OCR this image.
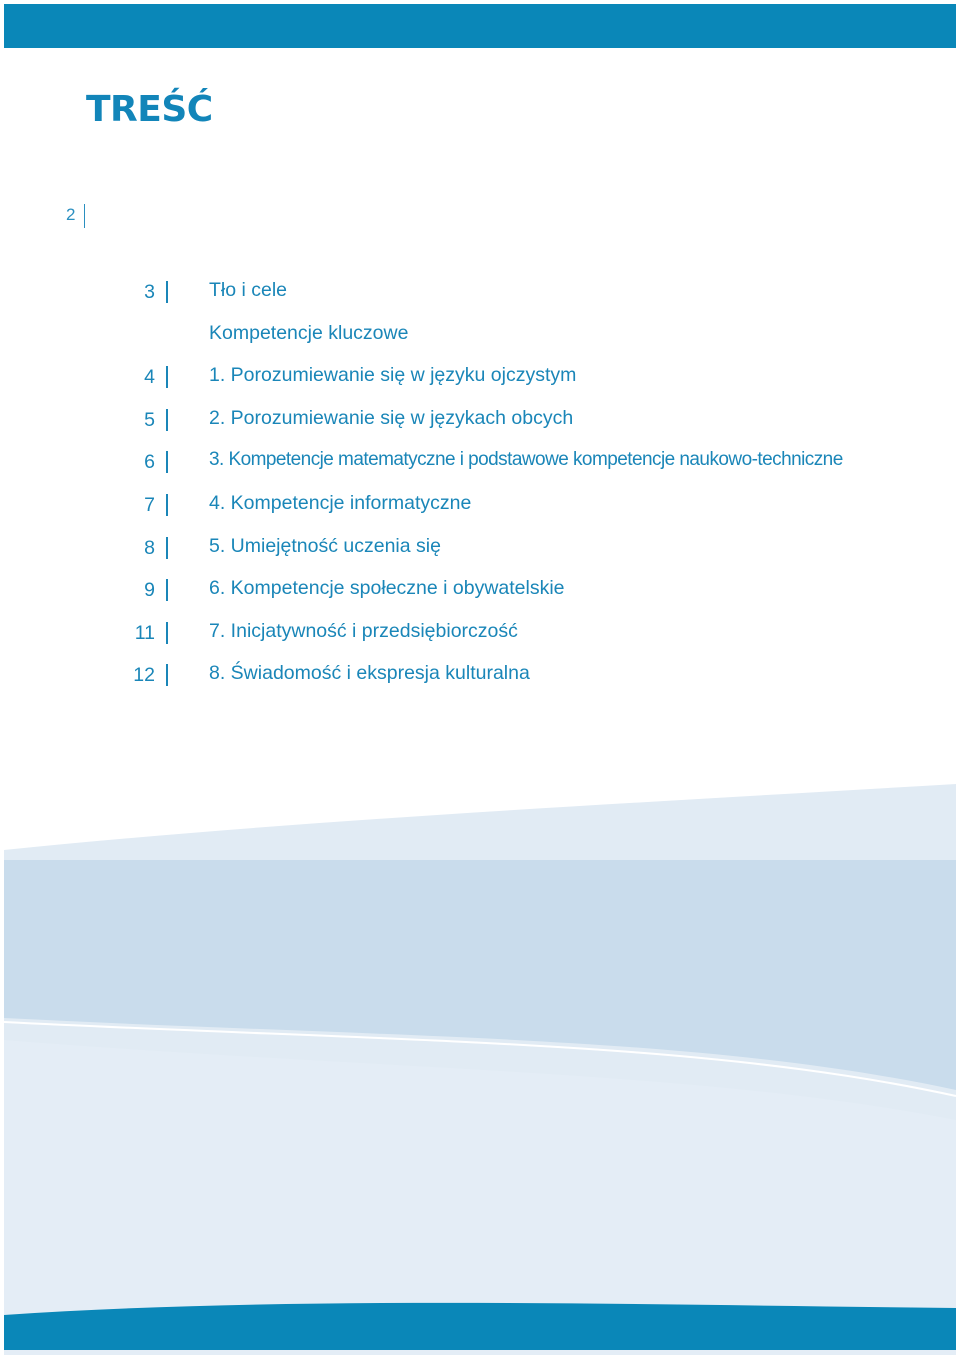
TREŚĆ
2
3	Tło i cele
Kompetencje kluczowe
4	1. Porozumiewanie się w języku ojczystym
5	2. Porozumiewanie się w językach obcych
6	3. Kompetencje matematyczne i podstawowe kompetencje naukowo-techniczne
7	4. Kompetencje informatyczne
8	5. Umiejętność uczenia się
9	6. Kompetencje społeczne i obywatelskie
11	7. Inicjatywność i przedsiębiorczość
12	8. Świadomość i ekspresja kulturalna
